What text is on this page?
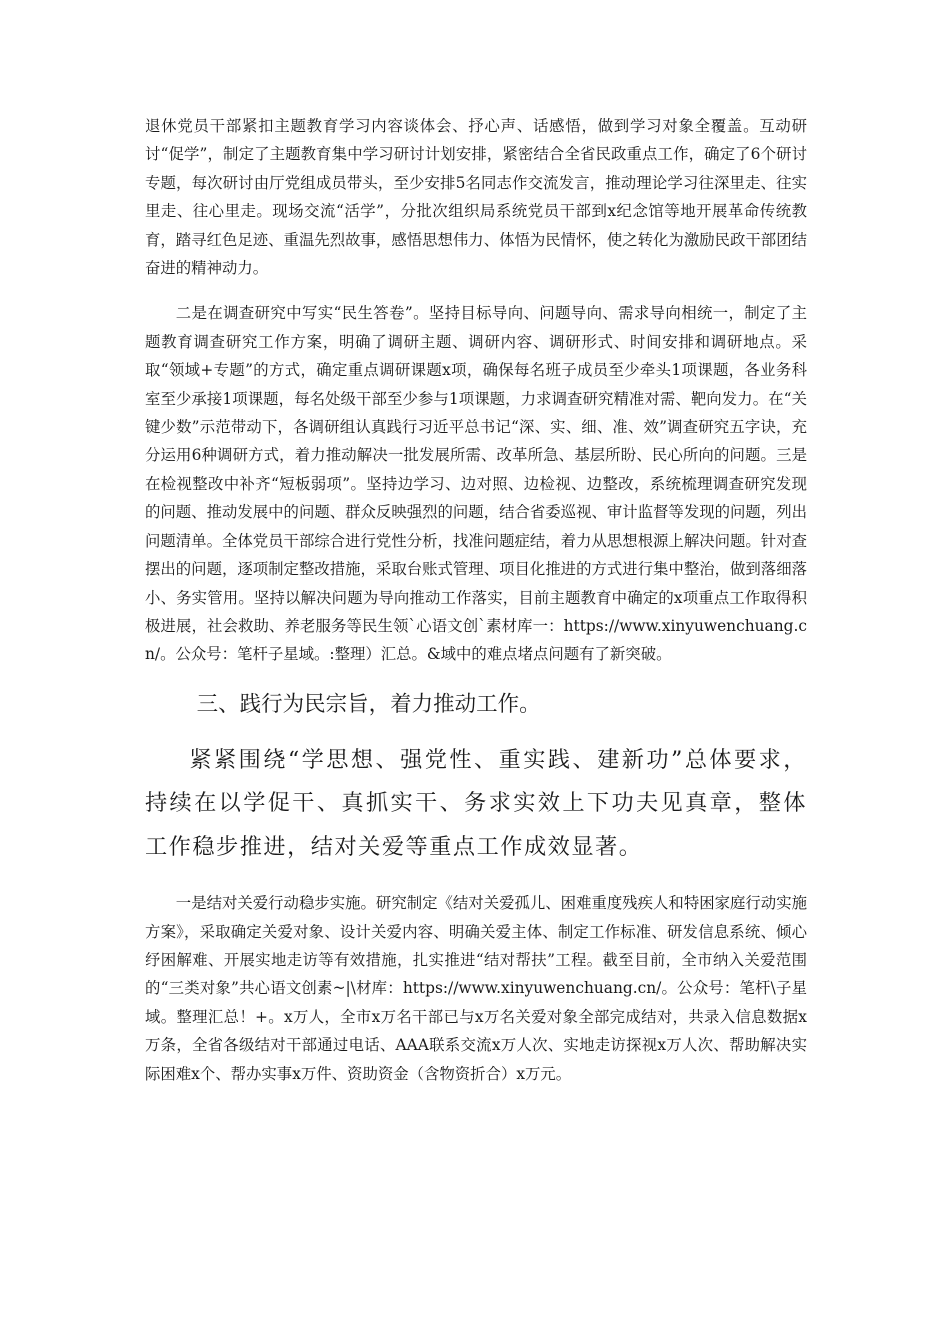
退休党员干部紧扣主题教育学习内容谈体会、抒心声、话感悟，做到学习对象全覆盖。互动研讨“促学”，制定了主题教育集中学习研讨计划安排，紧密结合全省民政重点工作，确定了6个研讨专题，每次研讨由厅党组成员带头，至少安排5名同志作交流发言，推动理论学习往深里走、往实里走、往心里走。现场交流“活学”，分批次组织局系统党员干部到x纪念馆等地开展革命传统教育，踏寻红色足迹、重温先烈故事，感悟思想伟力、体悟为民情怀，使之转化为激励民政干部团结奋进的精神动力。

二是在调查研究中写实“民生答卷”。坚持目标导向、问题导向、需求导向相统一，制定了主题教育调查研究工作方案，明确了调研主题、调研内容、调研形式、时间安排和调研地点。采取“领域+专题”的方式，确定重点调研课题x项，确保每名班子成员至少牵头1项课题，各业务科室至少承接1项课题，每名处级干部至少参与1项课题，力求调查研究精准对需、靶向发力。在“关键少数”示范带动下，各调研组认真践行习近平总书记“深、实、细、准、效”调查研究五字诀，充分运用6种调研方式，着力推动解决一批发展所需、改革所急、基层所盼、民心所向的问题。三是在检视整改中补齐“短板弱项”。坚持边学习、边对照、边检视、边整改，系统梳理调查研究发现的问题、推动发展中的问题、群众反映强烈的问题，结合省委巡视、审计监督等发现的问题，列出问题清单。全体党员干部综合进行党性分析，找准问题症结，着力从思想根源上解决问题。针对查摆出的问题，逐项制定整改措施，采取台账式管理、项目化推进的方式进行集中整治，做到落细落小、务实管用。坚持以解决问题为导向推动工作落实，目前主题教育中确定的x项重点工作取得积极进展，社会救助、养老服务等民生领`心语文创`素材库一：https://www.xinyuwenchuang.cn/。公众号：笔杆子星域。:整理）汇总。&域中的难点堵点问题有了新突破。

三、践行为民宗旨，着力推动工作。

紧紧围绕“学思想、强党性、重实践、建新功”总体要求，持续在以学促干、真抓实干、务求实效上下功夫见真章，整体工作稳步推进，结对关爱等重点工作成效显著。

一是结对关爱行动稳步实施。研究制定《结对关爱孤儿、困难重度残疾人和特困家庭行动实施方案》，采取确定关爱对象、设计关爱内容、明确关爱主体、制定工作标准、研发信息系统、倾心纾困解难、开展实地走访等有效措施，扎实推进“结对帮扶”工程。截至目前，全市纳入关爱范围的“三类对象”共心语文创素~|\材库：https://www.xinyuwenchuang.cn/。公众号：笔杆\子星域。整理汇总！+。x万人，全市x万名干部已与x万名关爱对象全部完成结对，共录入信息数据x万条，全省各级结对干部通过电话、AAA联系交流x万人次、实地走访探视x万人次、帮助解决实际困难x个、帮办实事x万件、资助资金（含物资折合）x万元。
